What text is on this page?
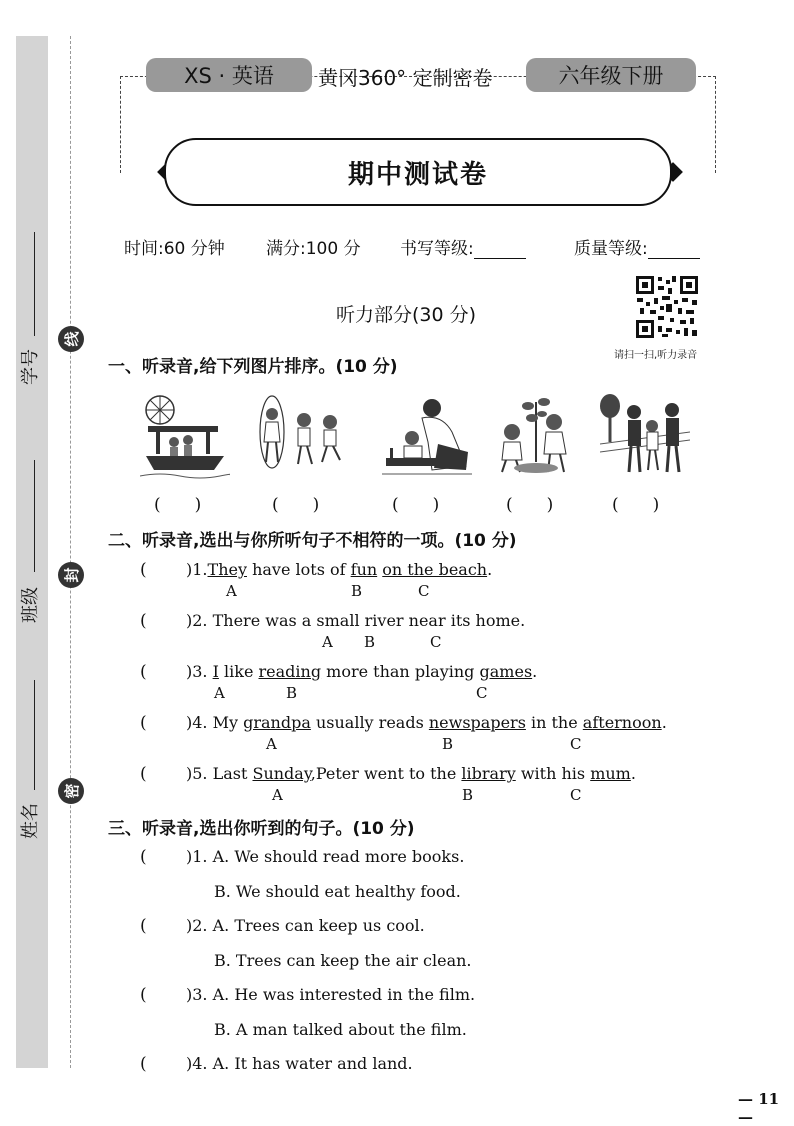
学号
班级
姓名
线
封
密
XS · 英语	黄冈360° 定制密卷	六年级下册
期中测试卷
时间:60 分钟 满分:100 分 书写等级:	质量等级:
听力部分(30 分)
请扫一扫,听力录音
一、听录音,给下列图片排序。(10 分)
(　　)	(　　)	(　　)	(　　)	(　　)
二、听录音,选出与你所听句子不相符的一项。(10 分)
( )1.They have lots of fun on the beach.
A	B	C
( )2. There was a small river near its home.
A B	C
( )3. I like reading more than playing games.
A	B	C
( )4. My grandpa usually reads newspapers in the afternoon.
A	B	C
( )5. Last Sunday,Peter went to the library with his mum.
A	B	C
三、听录音,选出你听到的句子。(10 分)
( )1. A. We should read more books.
B. We should eat healthy food.
( )2. A. Trees can keep us cool.
B. Trees can keep the air clean.
( )3. A. He was interested in the film.
B. A man talked about the film.
( )4. A. It has water and land.
— 11 —
